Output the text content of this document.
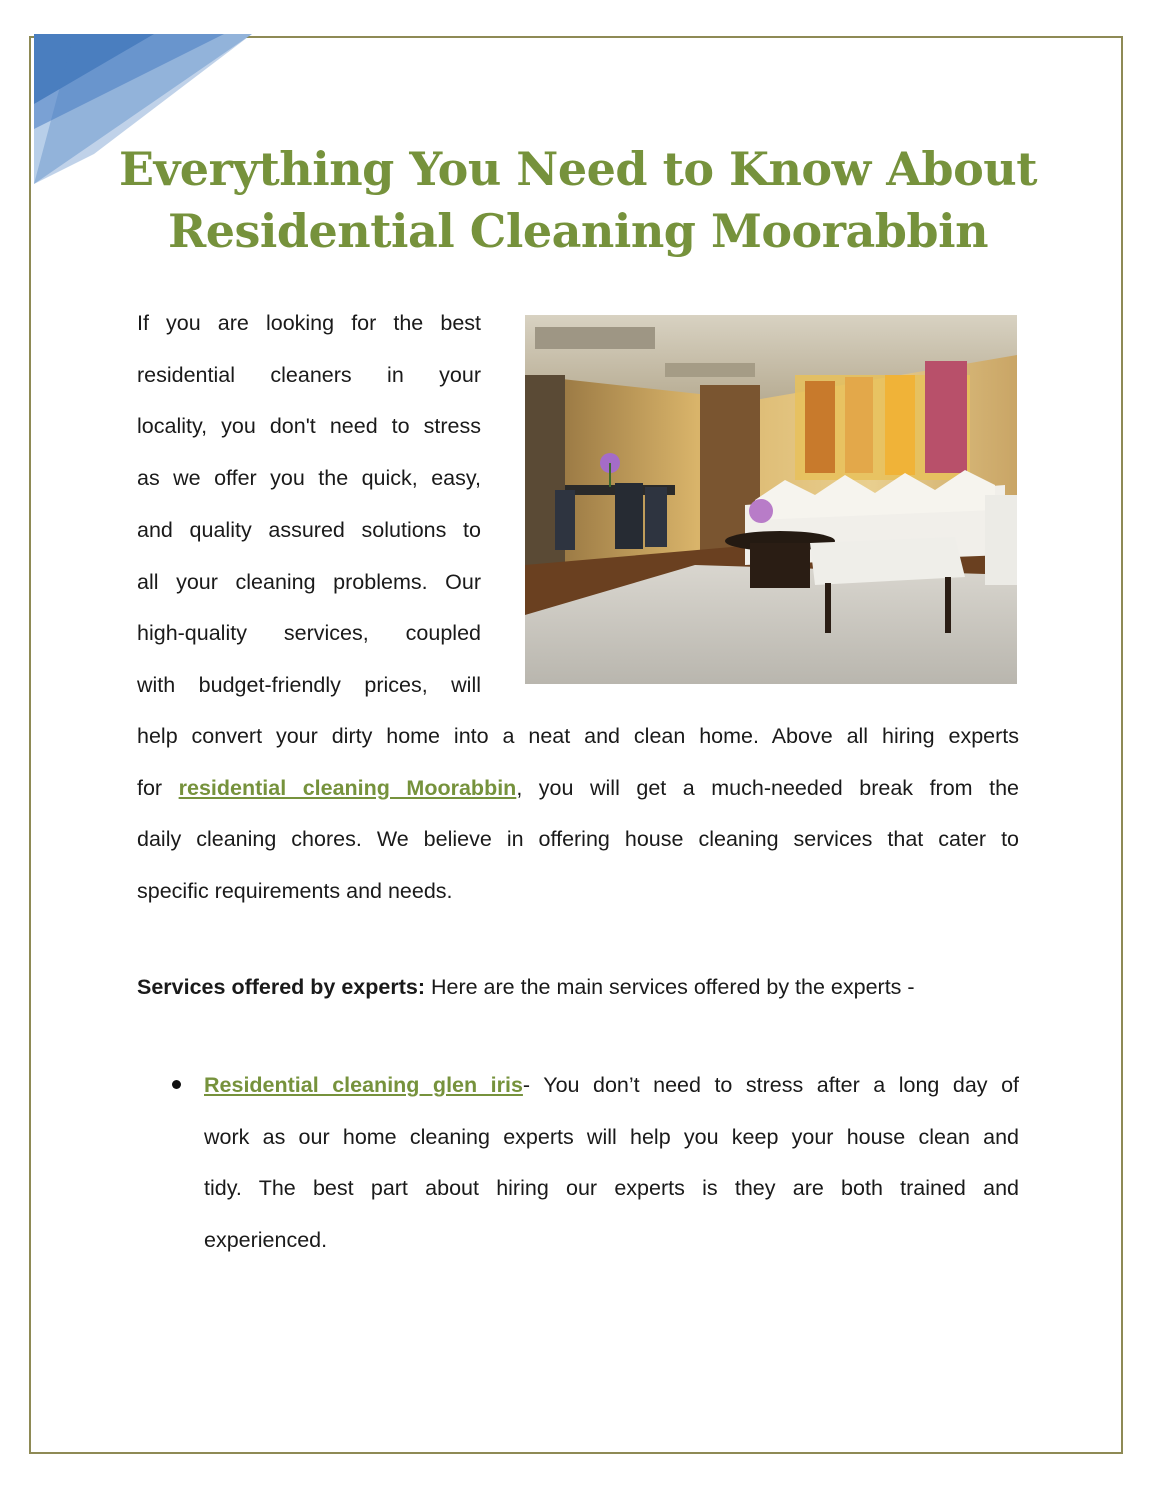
Everything You Need to Know About
Residential Cleaning Moorabbin
If you are looking for the best
residential cleaners in your
locality, you don't need to stress
as we offer you the quick, easy,
and quality assured solutions to
all your cleaning problems. Our
high-quality services, coupled
with budget-friendly prices, will
help convert your dirty home into a neat and clean home. Above all hiring experts
for residential cleaning Moorabbin, you will get a much-needed break from the
daily cleaning chores. We believe in offering house cleaning services that cater to
specific requirements and needs.
Services offered by experts: Here are the main services offered by the experts -
Residential cleaning glen iris- You don’t need to stress after a long day of
work as our home cleaning experts will help you keep your house clean and
tidy. The best part about hiring our experts is they are both trained and
experienced.
